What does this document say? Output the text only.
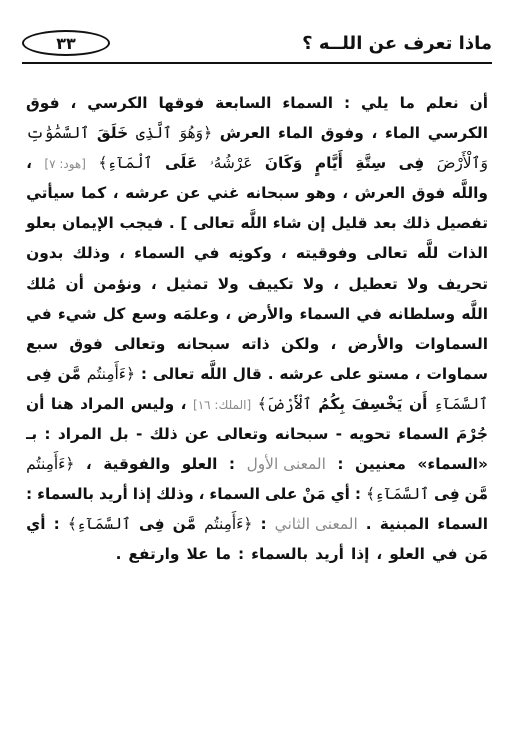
ماذا تعرف عن اللــه ؟
٣٣
أن
نعلم
ما
يلي
:
السماء
السابعة
فوقها
الكرسي
،
فوق
الكرسي
الماء
،
وفوق
الماء
العرش
﴿وَهُوَ
ٱلَّذِى
خَلَقَ
ٱلسَّمَٰوَٰتِ
وَٱلْأَرْضَ
فِى
سِتَّةِ
أَيَّامٍ
وَكَانَ
عَرْشُهُۥ
عَلَى
ٱلْمَآءِ﴾
[هود: ٧]
،
واللَّه
فوق
العرش
،
وهو
سبحانه
غني
عن
عرشه
،
كما
سيأتي
تفصيل
ذلك
بعد
قليل
إن
شاء
اللَّه
تعالى
]
.
فيجب
الإيمان
بعلو
الذات
للَّه
تعالى
وفوقيته
،
وكونِه
في
السماء
،
وذلك
بدون
تحريف
ولا
تعطيل
،
ولا
تكييف
ولا
تمثيل
،
ونؤمن
أن
مُلك
اللَّه
وسلطانه
في
السماء
والأرض
،
وعلمَه
وسع
كل
شيء
في
السماوات
والأرض
،
ولكن
ذاته
سبحانه
وتعالى
فوق
سبع
سماوات
،
مستو
على
عرشه
.
قال
اللَّه
تعالى
:
﴿ءَأَمِنتُم
مَّن
فِى
ٱلسَّمَآءِ
أَن
يَخْسِفَ
بِكُمُ
ٱلْأَرْضَ﴾
[الملك: ١٦]
،
وليس
المراد
هنا
أن
جُرْمَ
السماء
تحويه
-
سبحانه
وتعالى
عن
ذلك
-
بل
المراد
:
بـ
«السماء»
معنيين
:
المعنى الأول
:
العلو
والفوقية
،
﴿ءَأَمِنتُم
مَّن
فِى
ٱلسَّمَآءِ﴾
:
أي
مَنْ
على
السماء
،
وذلك
إذا
أريد
بالسماء
:
السماء
المبنية
.
المعنى الثاني
:
﴿ءَأَمِنتُم
مَّن
فِى
ٱلسَّمَآءِ﴾
:
أي
مَن
في
العلو
،
إذا
أريد
بالسماء
:
ما
علا
وارتفع
.
